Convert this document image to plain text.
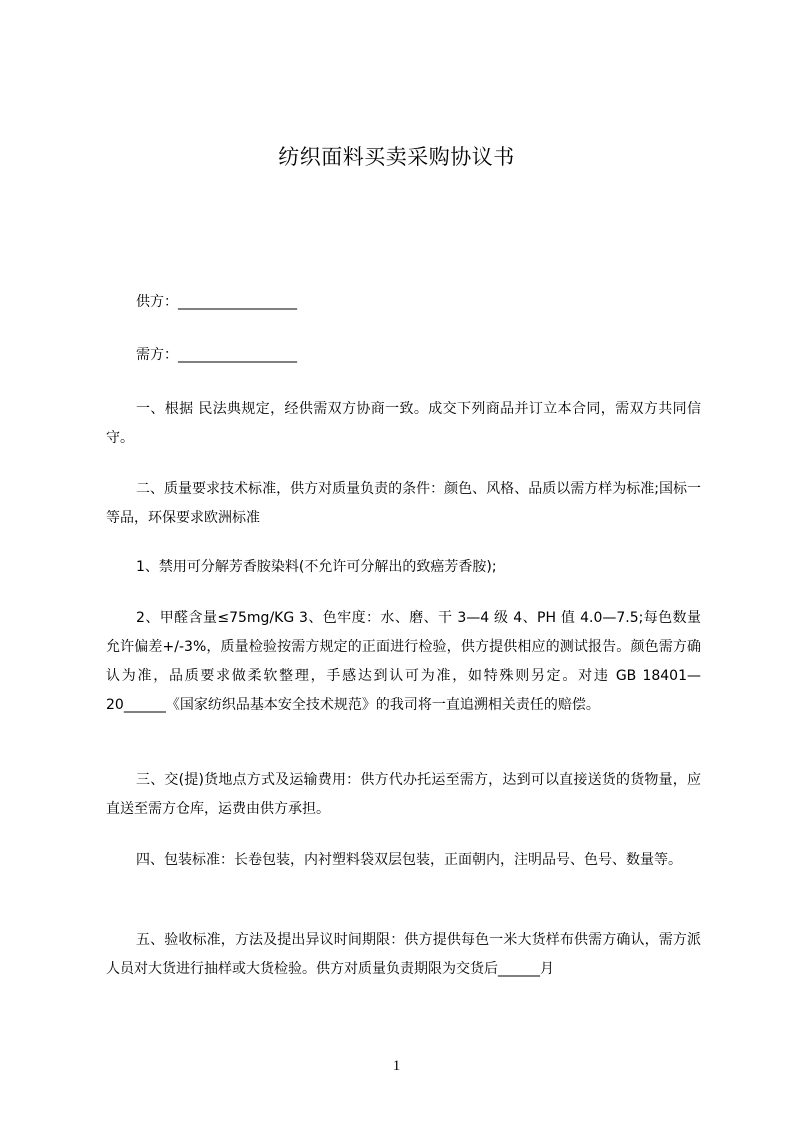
纺织面料买卖采购协议书
供方：_________________
需方：_________________

一、根据 民法典规定，经供需双方协商一致。成交下列商品并订立本合同，需双方共同信守。

二、质量要求技术标准，供方对质量负责的条件：颜色、风格、品质以需方样为标准;国标一等品，环保要求欧洲标准

1、禁用可分解芳香胺染料(不允许可分解出的致癌芳香胺);

2、甲醛含量≤75mg/KG 3、色牢度：水、磨、干 3—4 级 4、PH 值 4.0—7.5;每色数量允许偏差+/-3%，质量检验按需方规定的正面进行检验，供方提供相应的测试报告。颜色需方确认为准，品质要求做柔软整理，手感达到认可为准，如特殊则另定。对违 GB 18401—20______《国家纺织品基本安全技术规范》的我司将一直追溯相关责任的赔偿。

三、交(提)货地点方式及运输费用：供方代办托运至需方，达到可以直接送货的货物量，应直送至需方仓库，运费由供方承担。

四、包装标准：长卷包装，内衬塑料袋双层包装，正面朝内，注明品号、色号、数量等。

五、验收标准，方法及提出异议时间期限：供方提供每色一米大货样布供需方确认，需方派人员对大货进行抽样或大货检验。供方对质量负责期限为交货后______月

1
